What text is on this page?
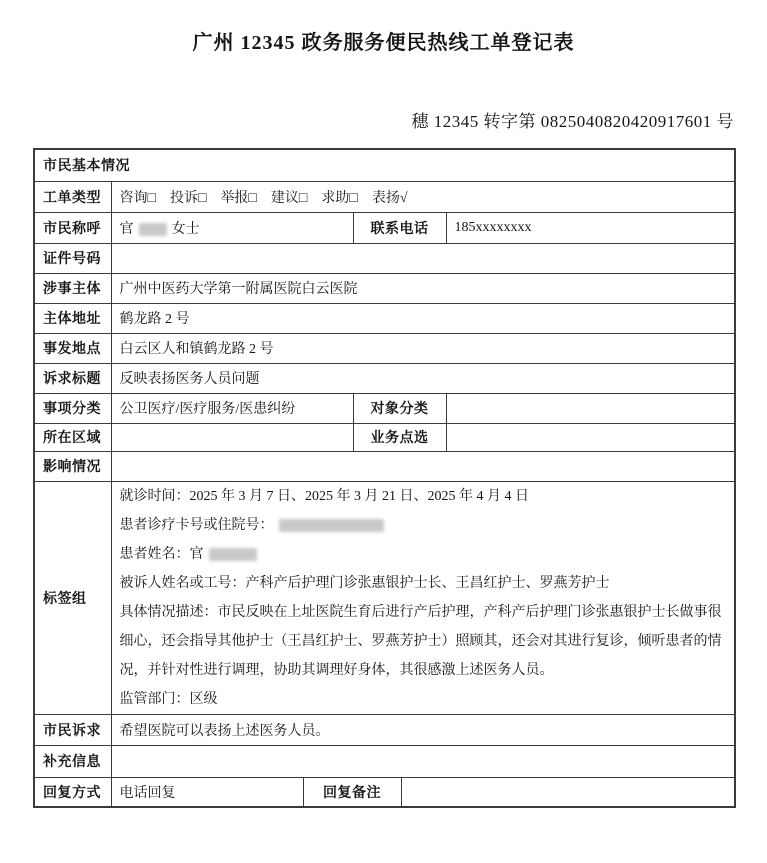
广州 12345 政务服务便民热线工单登记表
穗 12345 转字第 0825040820420917601 号
市民基本情况					
工单类型	咨询□ 投诉□ 举报□ 建议□ 求助□ 表扬√				
市民称呼	官 女士		联系电话		185xxxxxxxx
证件号码					
涉事主体	广州中医药大学第一附属医院白云医院				
主体地址	鹤龙路 2 号				
事发地点	白云区人和镇鹤龙路 2 号				
诉求标题	反映表扬医务人员问题				
事项分类	公卫医疗/医疗服务/医患纠纷		对象分类		
所在区域			业务点选		
影响情况					
标签组	
就诊时间：2025 年 3 月 7 日、2025 年 3 月 21 日、2025 年 4 月 4 日
患者诊疗卡号或住院号：
患者姓名：官
被诉人姓名或工号：产科产后护理门诊张惠银护士长、王昌红护士、罗燕芳护士
具体情况描述：市民反映在上址医院生育后进行产后护理，产科产后护理门诊张惠银护士长做事很细心，还会指导其他护士（王昌红护士、罗燕芳护士）照顾其，还会对其进行复诊，倾听患者的情况，并针对性进行调理，协助其调理好身体，其很感激上述医务人员。
监管部门：区级

市民诉求	希望医院可以表扬上述医务人员。				
补充信息					
回复方式	电话回复	回复备注			
